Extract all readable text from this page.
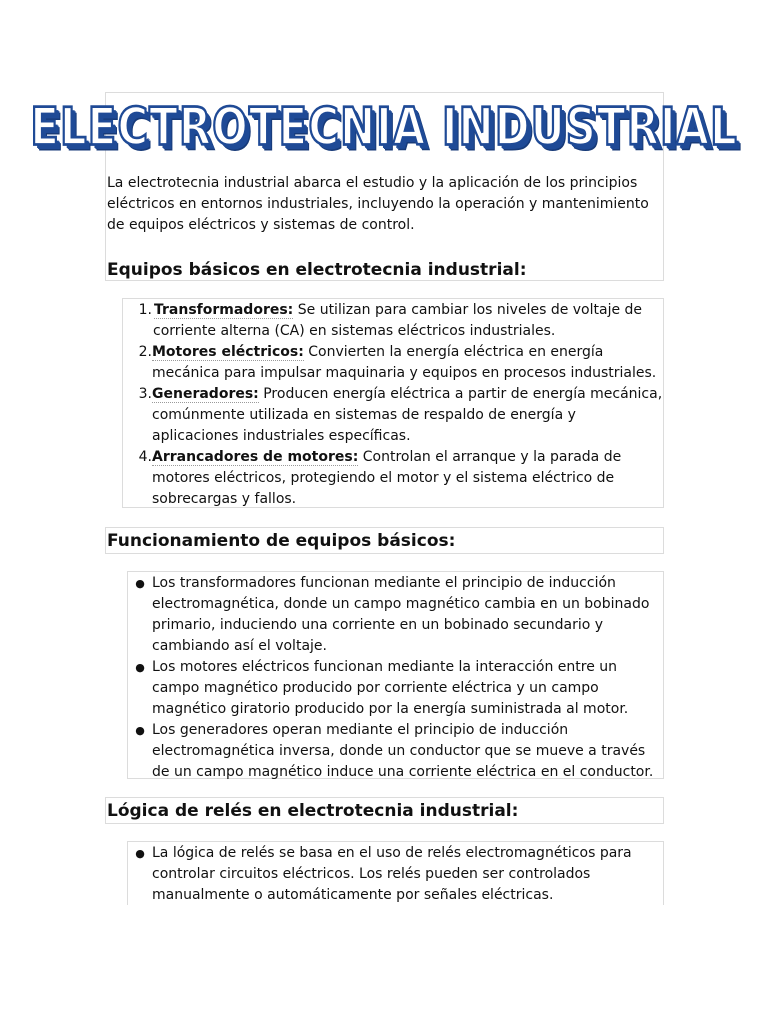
ELECTROTECNIA INDUSTRIAL

La electrotecnia industrial abarca el estudio y la aplicación de los principios eléctricos en entornos industriales, incluyendo la operación y mantenimiento de equipos eléctricos y sistemas de control.

Equipos básicos en electrotecnia industrial:
1. Transformadores: Se utilizan para cambiar los niveles de voltaje de corriente alterna (CA) en sistemas eléctricos industriales.
2. Motores eléctricos: Convierten la energía eléctrica en energía mecánica para impulsar maquinaria y equipos en procesos industriales.
3. Generadores: Producen energía eléctrica a partir de energía mecánica, comúnmente utilizada en sistemas de respaldo de energía y aplicaciones industriales específicas.
4. Arrancadores de motores: Controlan el arranque y la parada de motores eléctricos, protegiendo el motor y el sistema eléctrico de sobrecargas y fallos.
Funcionamiento de equipos básicos:
● Los transformadores funcionan mediante el principio de inducción electromagnética, donde un campo magnético cambia en un bobinado primario, induciendo una corriente en un bobinado secundario y cambiando así el voltaje.
● Los motores eléctricos funcionan mediante la interacción entre un campo magnético producido por corriente eléctrica y un campo magnético giratorio producido por la energía suministrada al motor.
● Los generadores operan mediante el principio de inducción electromagnética inversa, donde un conductor que se mueve a través de un campo magnético induce una corriente eléctrica en el conductor.
Lógica de relés en electrotecnia industrial:
● La lógica de relés se basa en el uso de relés electromagnéticos para controlar circuitos eléctricos. Los relés pueden ser controlados manualmente o automáticamente por señales eléctricas.
